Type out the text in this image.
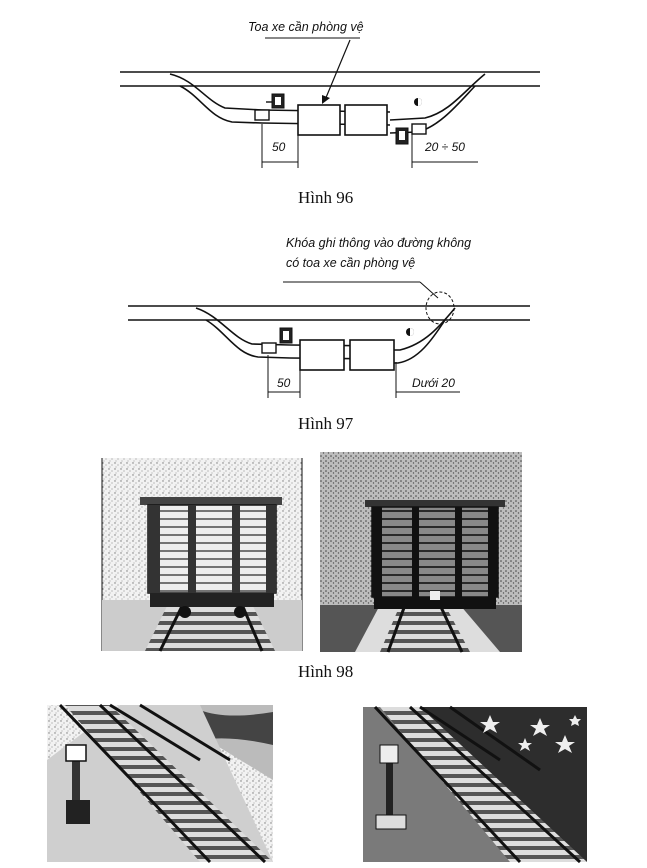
Toa xe cần phòng vệ
50	20 ÷ 50
Hình 96
Khóa ghi thông vào đường không
có toa xe cần phòng vệ
50	Dưới 20
Hình 97
Hình 98
